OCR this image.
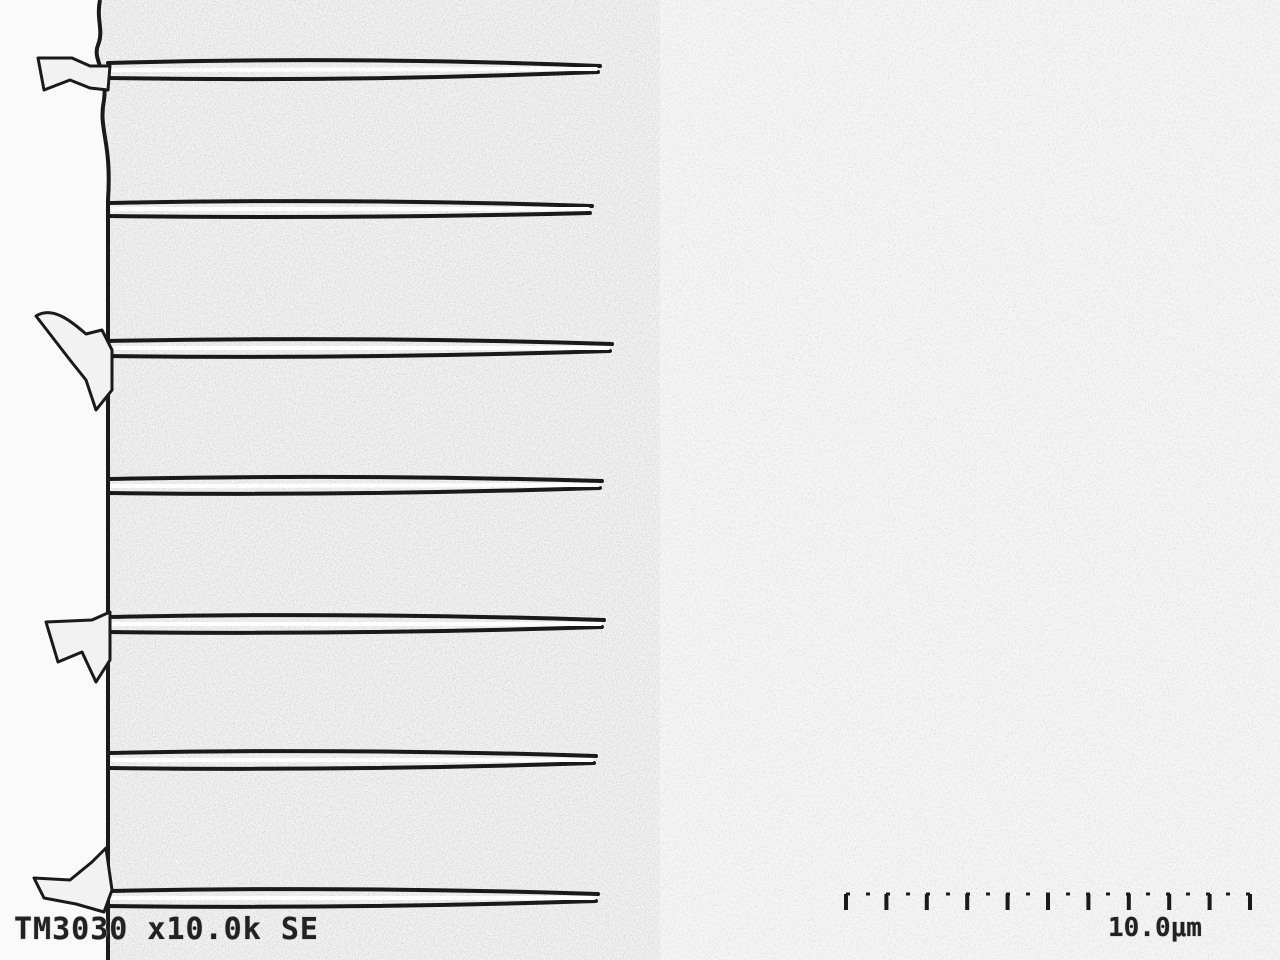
TM3030 x10.0k SE	10.0μm
